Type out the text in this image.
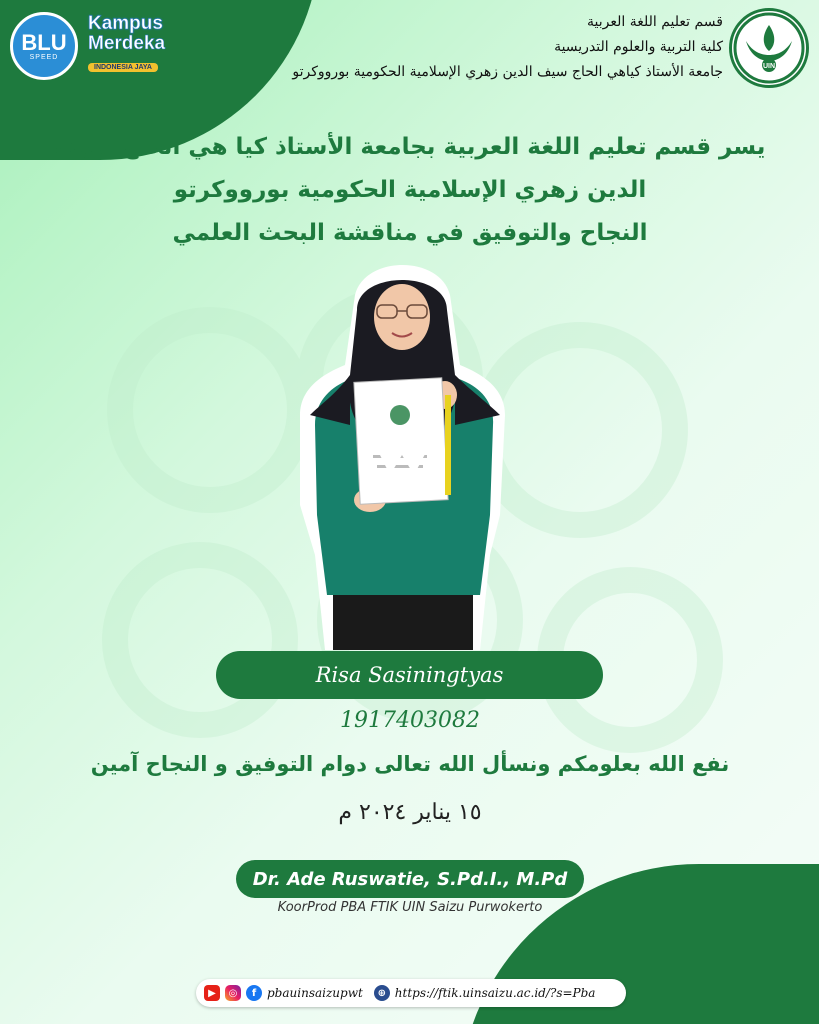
BLU
SPEED
Kampus
Merdeka
INDONESIA JAYA
قسم تعليم اللغة العربية
كلية التربية والعلوم التدريسية
جامعة الأستاذ كياهي الحاج سيف الدين زهري الإسلامية الحكومية بورووكرتو	UIN
يسر قسم تعليم اللغة العربية بجامعة الأستاذ كيا هي الحاج سيف
الدين زهري الإسلامية الحكومية بورووكرتو
النجاح والتوفيق في مناقشة البحث العلمي
Risa Sasiningtyas
1917403082
نفع الله بعلومكم ونسأل الله تعالى دوام التوفيق و النجاح آمين
١٥ يناير ٢٠٢٤ م
Dr. Ade Ruswatie, S.Pd.I., M.Pd
KoorProd PBA FTIK UIN Saizu Purwokerto
▶	◎	f pbauinsaizupwt	⊕ https://ftik.uinsaizu.ac.id/?s=Pba
